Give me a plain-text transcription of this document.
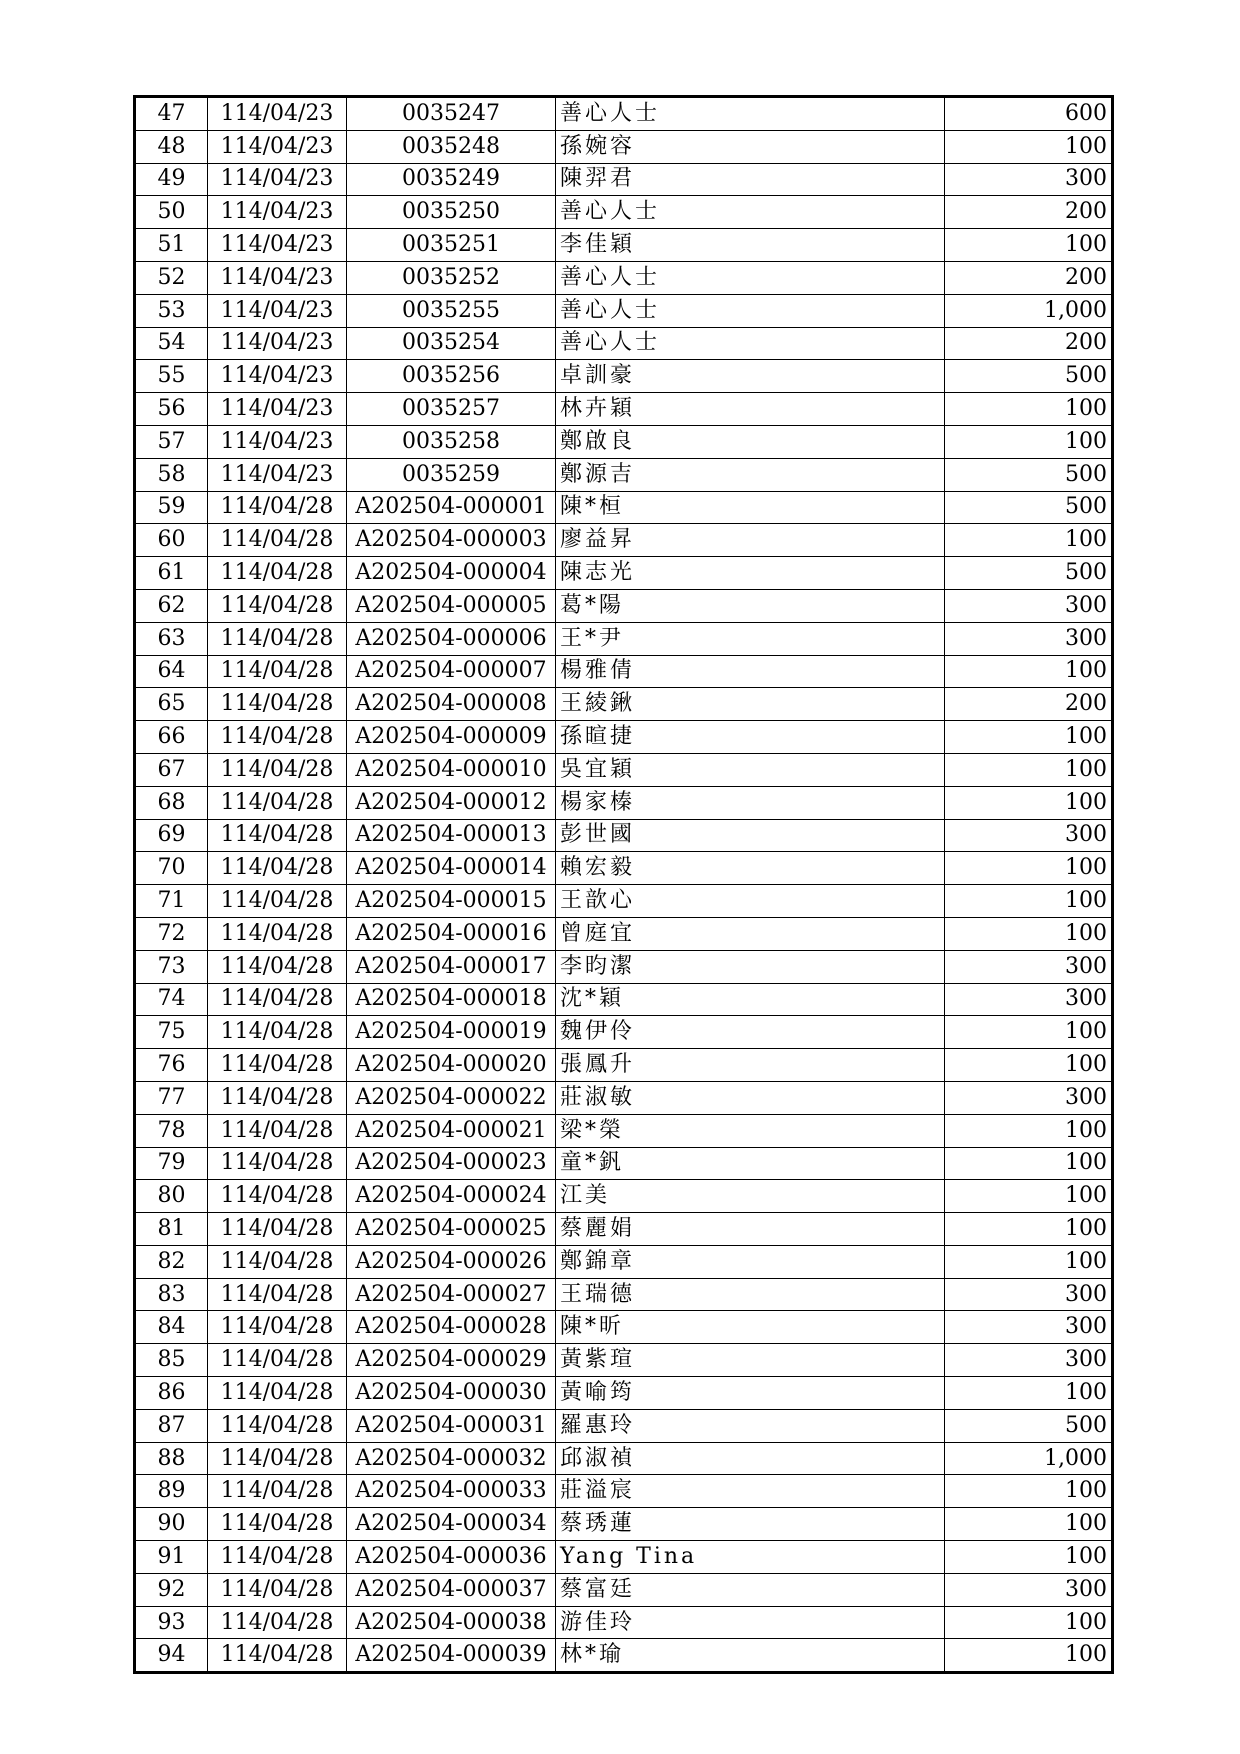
47	114/04/23	0035247	善心人士	600
48	114/04/23	0035248	孫婉容	100
49	114/04/23	0035249	陳羿君	300
50	114/04/23	0035250	善心人士	200
51	114/04/23	0035251	李佳穎	100
52	114/04/23	0035252	善心人士	200
53	114/04/23	0035255	善心人士	1,000
54	114/04/23	0035254	善心人士	200
55	114/04/23	0035256	卓訓豪	500
56	114/04/23	0035257	林卉穎	100
57	114/04/23	0035258	鄭啟良	100
58	114/04/23	0035259	鄭源吉	500
59	114/04/28	A202504-000001	陳*桓	500
60	114/04/28	A202504-000003	廖益昇	100
61	114/04/28	A202504-000004	陳志光	500
62	114/04/28	A202504-000005	葛*陽	300
63	114/04/28	A202504-000006	王*尹	300
64	114/04/28	A202504-000007	楊雅倩	100
65	114/04/28	A202504-000008	王綾鍬	200
66	114/04/28	A202504-000009	孫暄捷	100
67	114/04/28	A202504-000010	吳宜穎	100
68	114/04/28	A202504-000012	楊家榛	100
69	114/04/28	A202504-000013	彭世國	300
70	114/04/28	A202504-000014	賴宏毅	100
71	114/04/28	A202504-000015	王歆心	100
72	114/04/28	A202504-000016	曾庭宜	100
73	114/04/28	A202504-000017	李昀潔	300
74	114/04/28	A202504-000018	沈*穎	300
75	114/04/28	A202504-000019	魏伊伶	100
76	114/04/28	A202504-000020	張鳳升	100
77	114/04/28	A202504-000022	莊淑敏	300
78	114/04/28	A202504-000021	梁*榮	100
79	114/04/28	A202504-000023	童*釩	100
80	114/04/28	A202504-000024	江美	100
81	114/04/28	A202504-000025	蔡麗娟	100
82	114/04/28	A202504-000026	鄭錦章	100
83	114/04/28	A202504-000027	王瑞德	300
84	114/04/28	A202504-000028	陳*昕	300
85	114/04/28	A202504-000029	黃紫瑄	300
86	114/04/28	A202504-000030	黃喻筠	100
87	114/04/28	A202504-000031	羅惠玲	500
88	114/04/28	A202504-000032	邱淑禎	1,000
89	114/04/28	A202504-000033	莊溢宸	100
90	114/04/28	A202504-000034	蔡琇蓮	100
91	114/04/28	A202504-000036	Yang Tina	100
92	114/04/28	A202504-000037	蔡富廷	300
93	114/04/28	A202504-000038	游佳玲	100
94	114/04/28	A202504-000039	林*瑜	100
